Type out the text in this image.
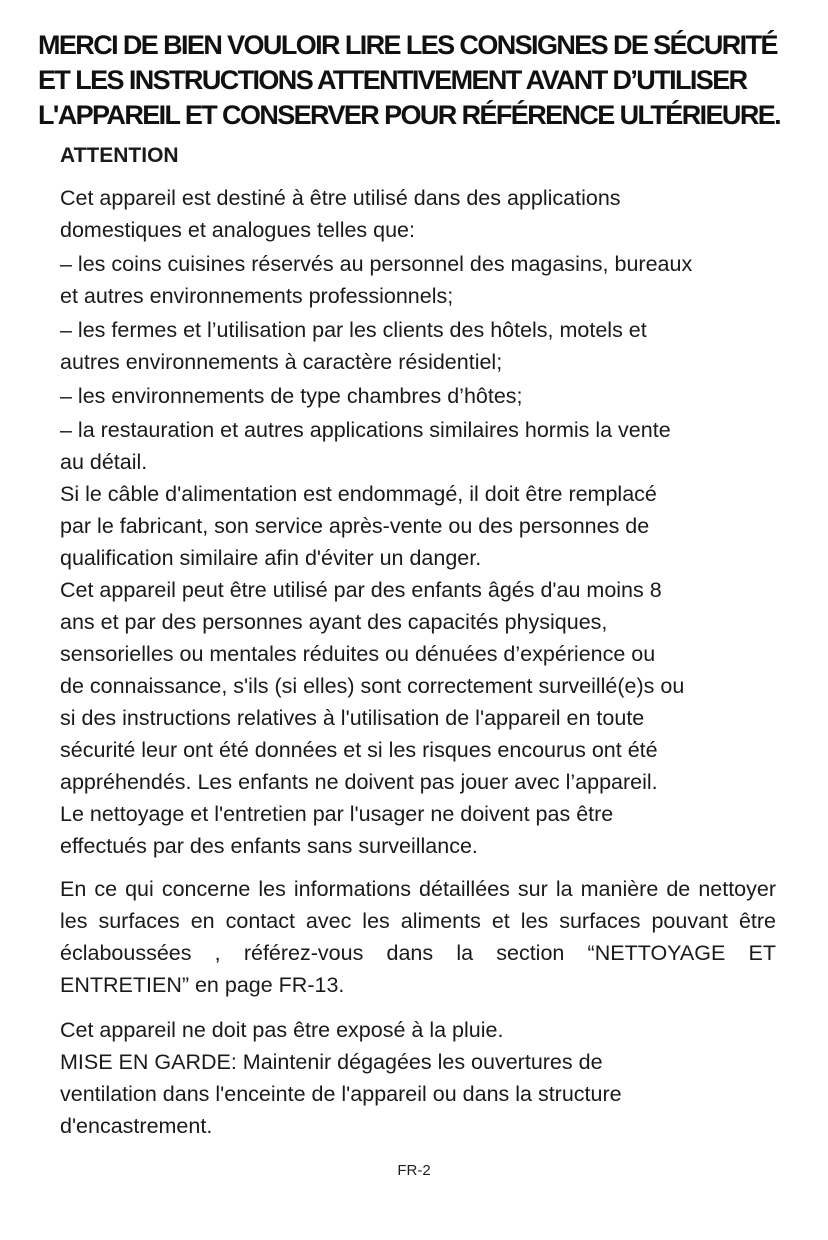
MERCI DE BIEN VOULOIR LIRE LES CONSIGNES DE SÉCURITÉ
ET LES INSTRUCTIONS ATTENTIVEMENT AVANT D’UTILISER
L'APPAREIL ET CONSERVER POUR RÉFÉRENCE ULTÉRIEURE.
ATTENTION
Cet appareil est destiné à être utilisé dans des applications
domestiques et analogues telles que:
– les coins cuisines réservés au personnel des magasins, bureaux
et autres environnements professionnels;
– les fermes et l’utilisation par les clients des hôtels, motels et
autres environnements à caractère résidentiel;
– les environnements de type chambres d’hôtes;
– la restauration et autres applications similaires hormis la vente
au détail.
Si le câble d'alimentation est endommagé, il doit être remplacé
par le fabricant, son service après-vente ou des personnes de
qualification similaire afin d'éviter un danger.
Cet appareil peut être utilisé par des enfants âgés d'au moins 8
ans et par des personnes ayant des capacités physiques,
sensorielles ou mentales réduites ou dénuées d’expérience ou
de connaissance, s'ils (si elles) sont correctement surveillé(e)s ou
si des instructions relatives à l'utilisation de l'appareil en toute
sécurité leur ont été données et si les risques encourus ont été
appréhendés. Les enfants ne doivent pas jouer avec l’appareil.
Le nettoyage et l'entretien par l'usager ne doivent pas être
effectués par des enfants sans surveillance.
En ce qui concerne les informations détaillées sur la manière de nettoyer les surfaces en contact avec les aliments et les surfaces pouvant être éclaboussées , référez-vous dans la section “NETTOYAGE ET ENTRETIEN” en page FR-13.
Cet appareil ne doit pas être exposé à la pluie.
MISE EN GARDE: Maintenir dégagées les ouvertures de
ventilation dans l'enceinte de l'appareil ou dans la structure
d'encastrement.
FR-2
